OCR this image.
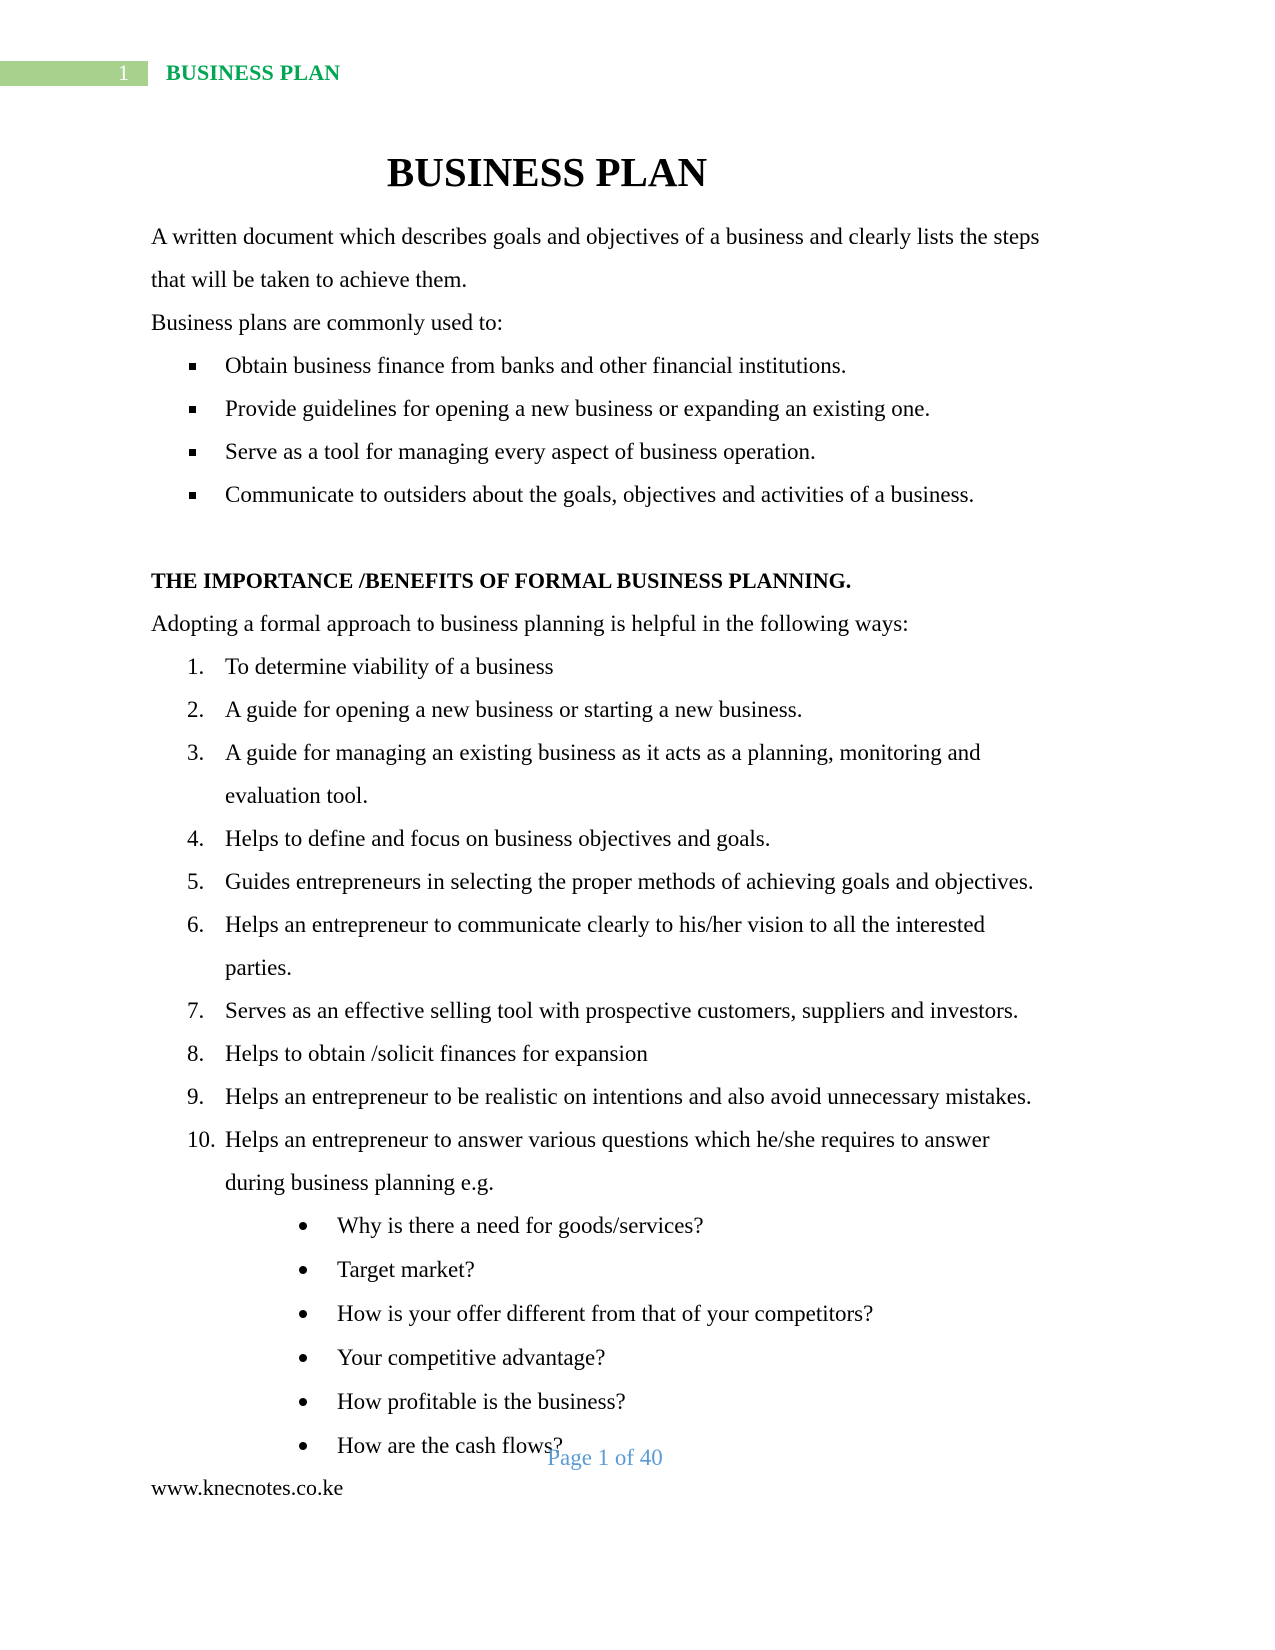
1	BUSINESS PLAN
BUSINESS PLAN

A written document which describes goals and objectives of a business and clearly lists the steps

that will be taken to achieve them.

Business plans are commonly used to:

Obtain business finance from banks and other financial institutions.
Provide guidelines for opening a new business or expanding an existing one.
Serve as a tool for managing every aspect of business operation.
Communicate to outsiders about the goals, objectives and activities of a business.

THE IMPORTANCE /BENEFITS OF FORMAL BUSINESS PLANNING.

Adopting a formal approach to business planning is helpful in the following ways:

1. To determine viability of a business
2. A guide for opening a new business or starting a new business.
3. A guide for managing an existing business as it acts as a planning, monitoring and
evaluation tool.
4. Helps to define and focus on business objectives and goals.
5. Guides entrepreneurs in selecting the proper methods of achieving goals and objectives.
6. Helps an entrepreneur to communicate clearly to his/her vision to all the interested
parties.
7. Serves as an effective selling tool with prospective customers, suppliers and investors.
8. Helps to obtain /solicit finances for expansion
9. Helps an entrepreneur to be realistic on intentions and also avoid unnecessary mistakes.
10. Helps an entrepreneur to answer various questions which he/she requires to answer
during business planning e.g.
Why is there a need for goods/services?
Target market?
How is your offer different from that of your competitors?
Your competitive advantage?
How profitable is the business?
How are the cash flows?
Page 1 of 40
www.knecnotes.co.ke
